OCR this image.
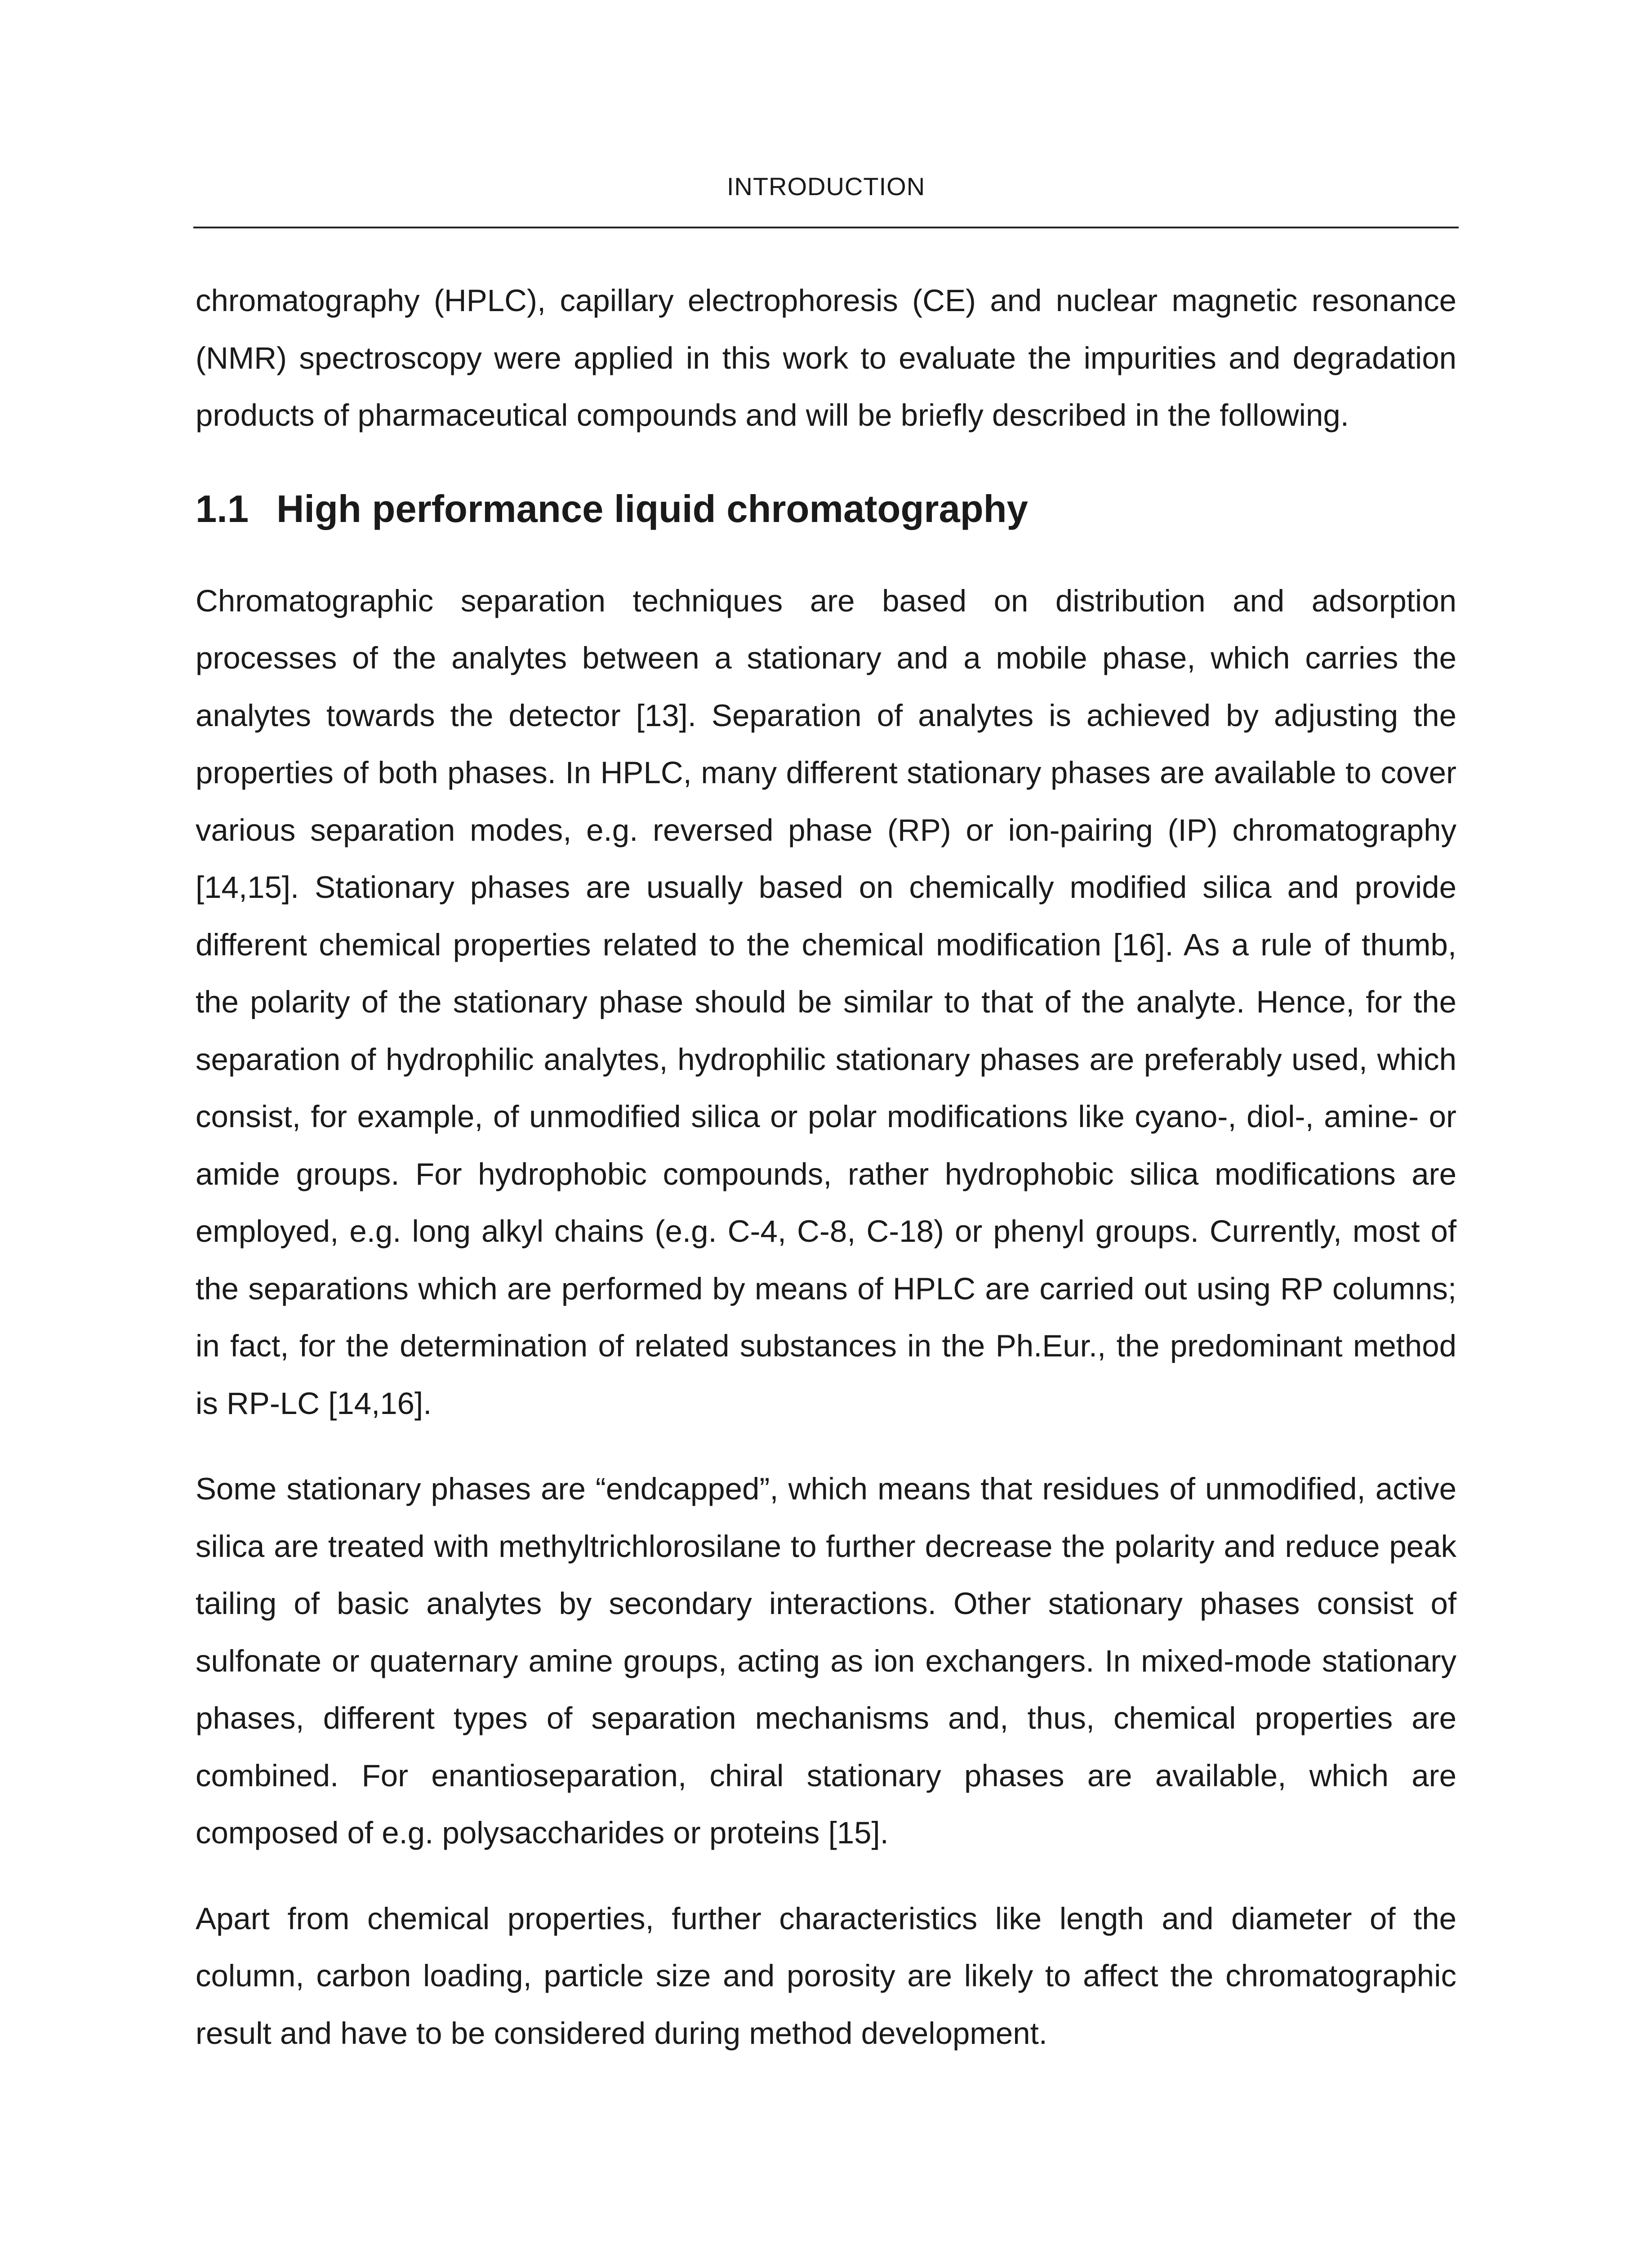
INTRODUCTION

chromatography (HPLC), capillary electrophoresis (CE) and nuclear magnetic resonance (NMR) spectroscopy were applied in this work to evaluate the impurities and degradation products of pharmaceutical compounds and will be briefly described in the following.

1.1 High performance liquid chromatography

Chromatographic separation techniques are based on distribution and adsorption processes of the analytes between a stationary and a mobile phase, which carries the analytes towards the detector [13]. Separation of analytes is achieved by adjusting the properties of both phases. In HPLC, many different stationary phases are available to cover various separation modes, e.g. reversed phase (RP) or ion-pairing (IP) chromatography [14,15]. Stationary phases are usually based on chemically modified silica and provide different chemical properties related to the chemical modification [16]. As a rule of thumb, the polarity of the stationary phase should be similar to that of the analyte. Hence, for the separation of hydrophilic analytes, hydrophilic stationary phases are preferably used, which consist, for example, of unmodified silica or polar modifications like cyano-, diol-, amine- or amide groups. For hydrophobic compounds, rather hydrophobic silica modifications are employed, e.g. long alkyl chains (e.g. C-4, C-8, C-18) or phenyl groups. Currently, most of the separations which are performed by means of HPLC are carried out using RP columns; in fact, for the determination of related substances in the Ph.Eur., the predominant method is RP-LC [14,16].

Some stationary phases are “endcapped”, which means that residues of unmodified, active silica are treated with methyltrichlorosilane to further decrease the polarity and reduce peak tailing of basic analytes by secondary interactions. Other stationary phases consist of sulfonate or quaternary amine groups, acting as ion exchangers. In mixed-mode stationary phases, different types of separation mechanisms and, thus, chemical properties are combined. For enantioseparation, chiral stationary phases are available, which are composed of e.g. polysaccharides or proteins [15].

Apart from chemical properties, further characteristics like length and diameter of the column, carbon loading, particle size and porosity are likely to affect the chromatographic result and have to be considered during method development.
